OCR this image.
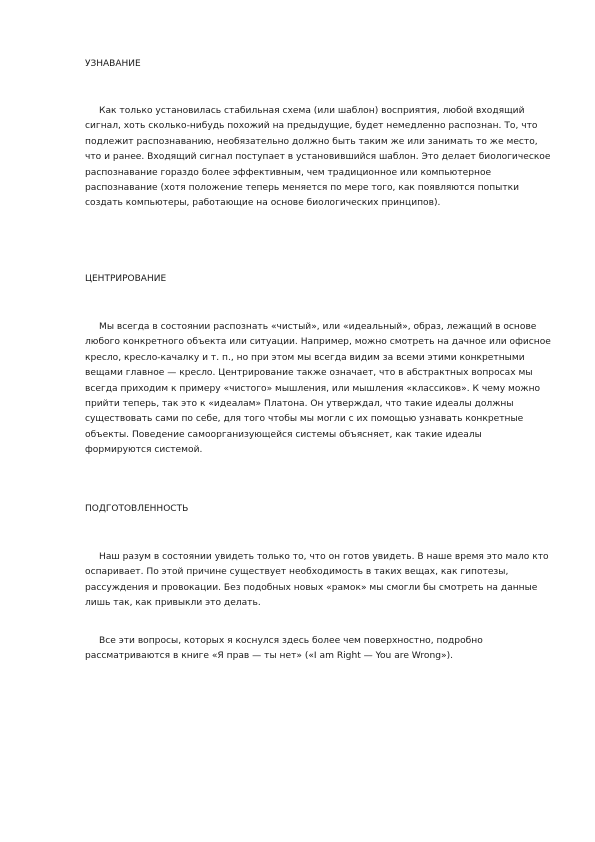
УЗНАВАНИЕ

Как только установилась стабильная схема (или шаблон) восприятия, любой входящий сигнал, хоть сколько-нибудь похожий на предыдущие, будет немедленно распознан. То, что подлежит распознаванию, необязательно должно быть таким же или занимать то же место, что и ранее. Входящий сигнал поступает в установившийся шаблон. Это делает биологическое распознавание гораздо более эффективным, чем традиционное или компьютерное распознавание (хотя положение теперь меняется по мере того, как появляются попытки создать компьютеры, работающие на основе биологических принципов).

ЦЕНТРИРОВАНИЕ

Мы всегда в состоянии распознать «чистый», или «идеальный», образ, лежащий в основе любого конкретного объекта или ситуации. Например, можно смотреть на дачное или офисное кресло, кресло-качалку и т. п., но при этом мы всегда видим за всеми этими конкретными вещами главное — кресло. Центрирование также означает, что в абстрактных вопросах мы всегда приходим к примеру «чистого» мышления, или мышления «классиков». К чему можно прийти теперь, так это к «идеалам» Платона. Он утверждал, что такие идеалы должны существовать сами по себе, для того чтобы мы могли с их помощью узнавать конкретные объекты. Поведение самоорганизующейся системы объясняет, как такие идеалы формируются системой.

ПОДГОТОВЛЕННОСТЬ

Наш разум в состоянии увидеть только то, что он готов увидеть. В наше время это мало кто оспаривает. По этой причине существует необходимость в таких вещах, как гипотезы, рассуждения и провокации. Без подобных новых «рамок» мы смогли бы смотреть на данные лишь так, как привыкли это делать.

Все эти вопросы, которых я коснулся здесь более чем поверхностно, подробно рассматриваются в книге «Я прав — ты нет» («I am Right — You are Wrong»).
